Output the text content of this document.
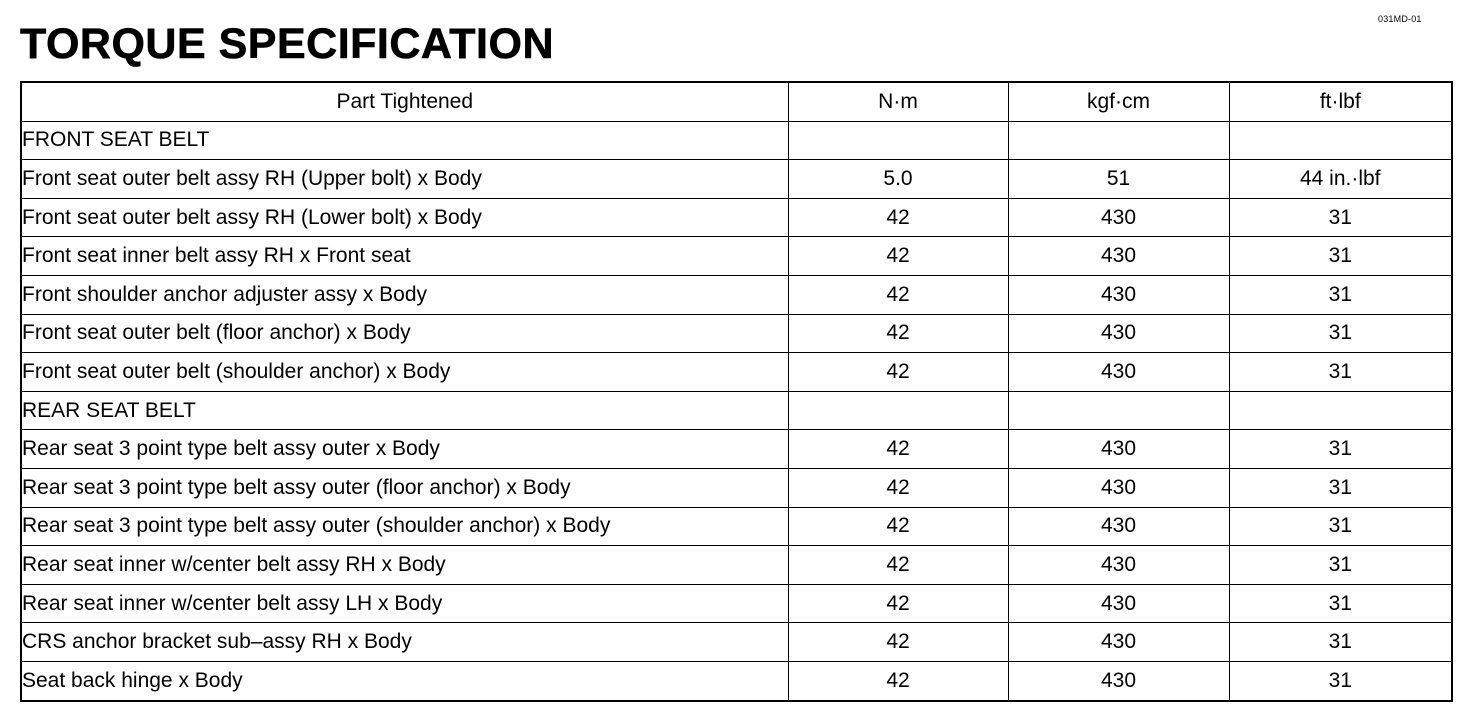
031MD-01
TORQUE SPECIFICATION
Part Tightened	N·m	kgf·cm	ft·lbf
FRONT SEAT BELT			
Front seat outer belt assy RH (Upper bolt) x Body	5.0	51	44 in.·lbf
Front seat outer belt assy RH (Lower bolt) x Body	42	430	31
Front seat inner belt assy RH x Front seat	42	430	31
Front shoulder anchor adjuster assy x Body	42	430	31
Front seat outer belt (floor anchor) x Body	42	430	31
Front seat outer belt (shoulder anchor) x Body	42	430	31
REAR SEAT BELT			
Rear seat 3 point type belt assy outer x Body	42	430	31
Rear seat 3 point type belt assy outer (floor anchor) x Body	42	430	31
Rear seat 3 point type belt assy outer (shoulder anchor) x Body	42	430	31
Rear seat inner w/center belt assy RH x Body	42	430	31
Rear seat inner w/center belt assy LH x Body	42	430	31
CRS anchor bracket sub–assy RH x Body	42	430	31
Seat back hinge x Body	42	430	31
